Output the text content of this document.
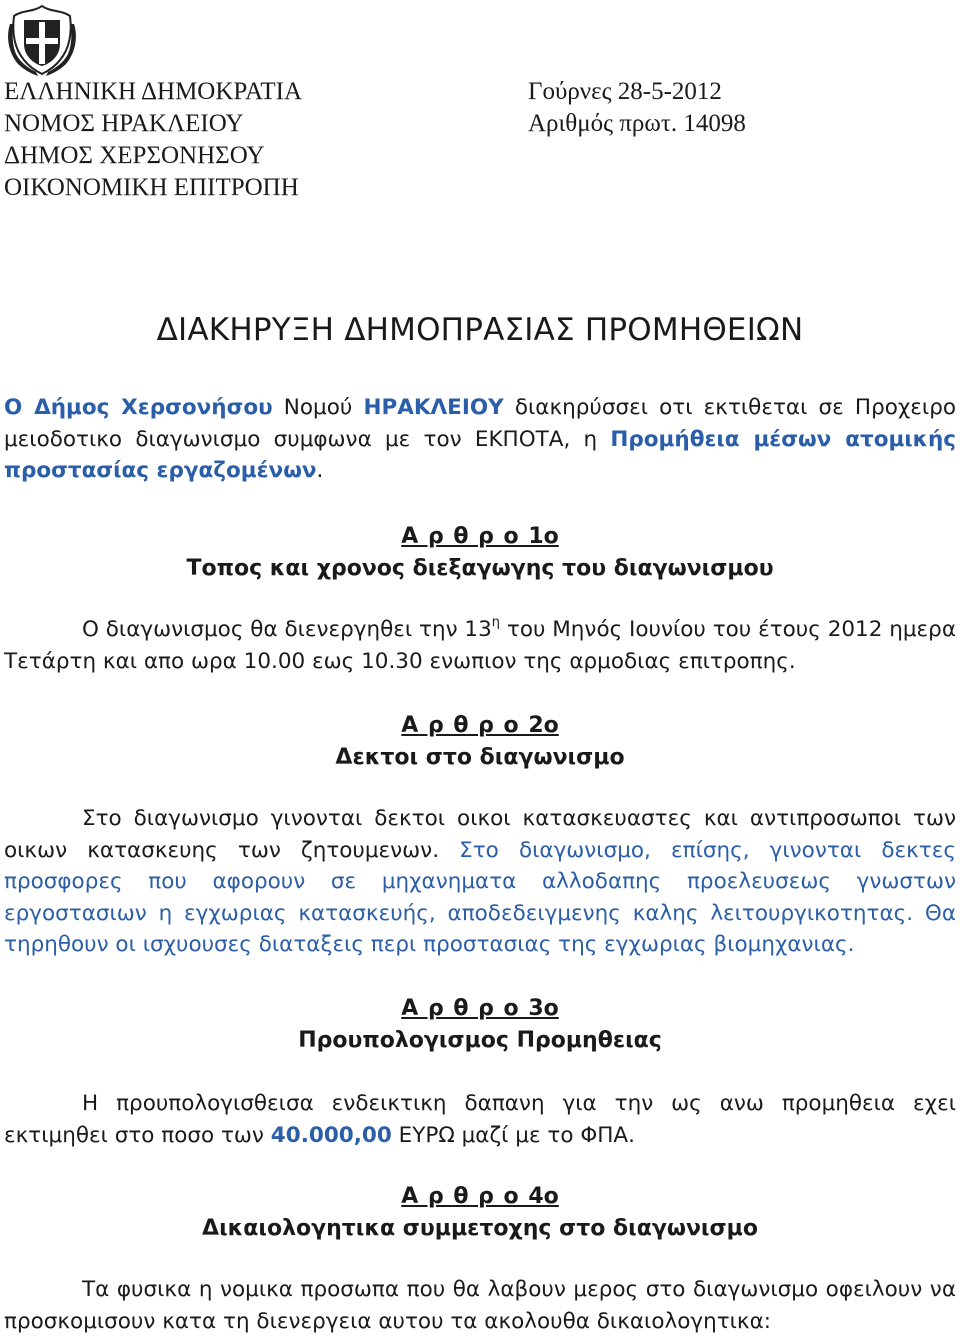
ΕΛΛΗΝΙΚΗ ΔΗΜΟΚΡΑΤΙΑ
ΝΟΜΟΣ ΗΡΑΚΛΕΙΟΥ
ΔΗΜΟΣ ΧΕΡΣΟΝΗΣΟΥ
ΟΙΚΟΝΟΜΙΚΗ ΕΠΙΤΡΟΠΗ
Γούρνες 28-5-2012
Αριθμός πρωτ. 14098
ΔΙΑΚΗΡΥΞΗ ΔΗΜΟΠΡΑΣΙΑΣ ΠΡΟΜΗΘΕΙΩΝ
Ο Δήμος Χερσονήσου Νομού ΗΡΑΚΛΕΙΟΥ διακηρύσσει οτι εκτιθεται σε Προχειρο μειοδοτικο διαγωνισμο συμφωνα με τον ΕΚΠΟΤΑ, η Προμήθεια μέσων ατομικής προστασίας εργαζομένων.
Α ρ θ ρ ο 1ο
Τοπος και χρονος διεξαγωγης του διαγωνισμου
Ο διαγωνισμος θα διενεργηθει την $13^\eta$ του Μηνός Ιουνίου του έτους 2012 ημερα Τετάρτη και απο ωρα 10.00 εως 10.30 ενωπιον της αρμοδιας επιτροπης.
Α ρ θ ρ ο 2ο
Δεκτοι στο διαγωνισμο
Στο διαγωνισμο γινονται δεκτοι οικοι κατασκευαστες και αντιπροσωποι των οικων κατασκευης των ζητουμενων. Στο διαγωνισμο, επίσης, γινονται δεκτες προσφορες που αφορουν σε μηχανηματα αλλοδαπης προελευσεως γνωστων εργοστασιων η εγχωριας κατασκευής, αποδεδειγμενης καλης λειτουργικοτητας. Θα τηρηθουν οι ισχυουσες διαταξεις περι προστασιας της εγχωριας βιομηχανιας.
Α ρ θ ρ ο 3ο
Προυπολογισμος Προμηθειας
Η προυπολογισθεισα ενδεικτικη δαπανη για την ως ανω προμηθεια εχει εκτιμηθει στο ποσο των 40.000,00 ΕΥΡΩ μαζί με το ΦΠΑ.
Α ρ θ ρ ο 4ο
Δικαιολογητικα συμμετοχης στο διαγωνισμο
Τα φυσικα η νομικα προσωπα που θα λαβουν μερος στο διαγωνισμο οφειλουν να προσκομισουν κατα τη διενεργεια αυτου τα ακολουθα δικαιολογητικα:
